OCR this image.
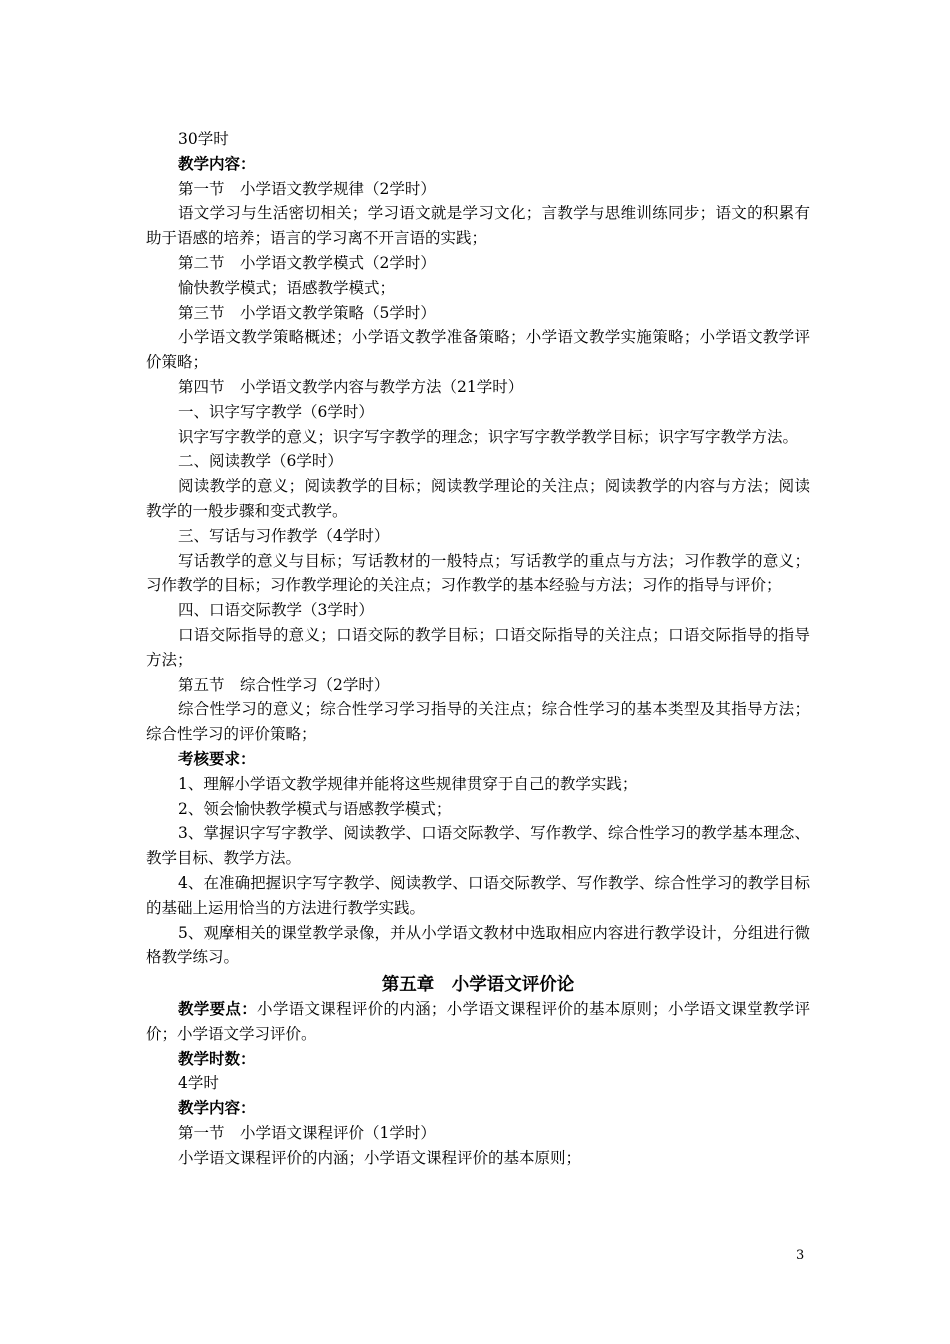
30学时

教学内容：

第一节　小学语文教学规律（2学时）

语文学习与生活密切相关；学习语文就是学习文化；言教学与思维训练同步；语文的积累有助于语感的培养；语言的学习离不开言语的实践；

第二节　小学语文教学模式（2学时）

愉快教学模式；语感教学模式；

第三节　小学语文教学策略（5学时）

小学语文教学策略概述；小学语文教学准备策略；小学语文教学实施策略；小学语文教学评价策略；

第四节　小学语文教学内容与教学方法（21学时）

一、识字写字教学（6学时）

识字写字教学的意义；识字写字教学的理念；识字写字教学教学目标；识字写字教学方法。

二、阅读教学（6学时）

阅读教学的意义；阅读教学的目标；阅读教学理论的关注点；阅读教学的内容与方法；阅读教学的一般步骤和变式教学。

三、写话与习作教学（4学时）

写话教学的意义与目标；写话教材的一般特点；写话教学的重点与方法；习作教学的意义；习作教学的目标；习作教学理论的关注点；习作教学的基本经验与方法；习作的指导与评价；

四、口语交际教学（3学时）

口语交际指导的意义；口语交际的教学目标；口语交际指导的关注点；口语交际指导的指导方法；

第五节　综合性学习（2学时）

综合性学习的意义；综合性学习学习指导的关注点；综合性学习的基本类型及其指导方法；综合性学习的评价策略；

考核要求：

1、理解小学语文教学规律并能将这些规律贯穿于自己的教学实践；

2、领会愉快教学模式与语感教学模式；

3、掌握识字写字教学、阅读教学、口语交际教学、写作教学、综合性学习的教学基本理念、教学目标、教学方法。

4、在准确把握识字写字教学、阅读教学、口语交际教学、写作教学、综合性学习的教学目标的基础上运用恰当的方法进行教学实践。

5、观摩相关的课堂教学录像，并从小学语文教材中选取相应内容进行教学设计，分组进行微格教学练习。

第五章　小学语文评价论

教学要点：小学语文课程评价的内涵；小学语文课程评价的基本原则；小学语文课堂教学评价；小学语文学习评价。

教学时数：

4学时

教学内容：

第一节　小学语文课程评价（1学时）

小学语文课程评价的内涵；小学语文课程评价的基本原则；

3
